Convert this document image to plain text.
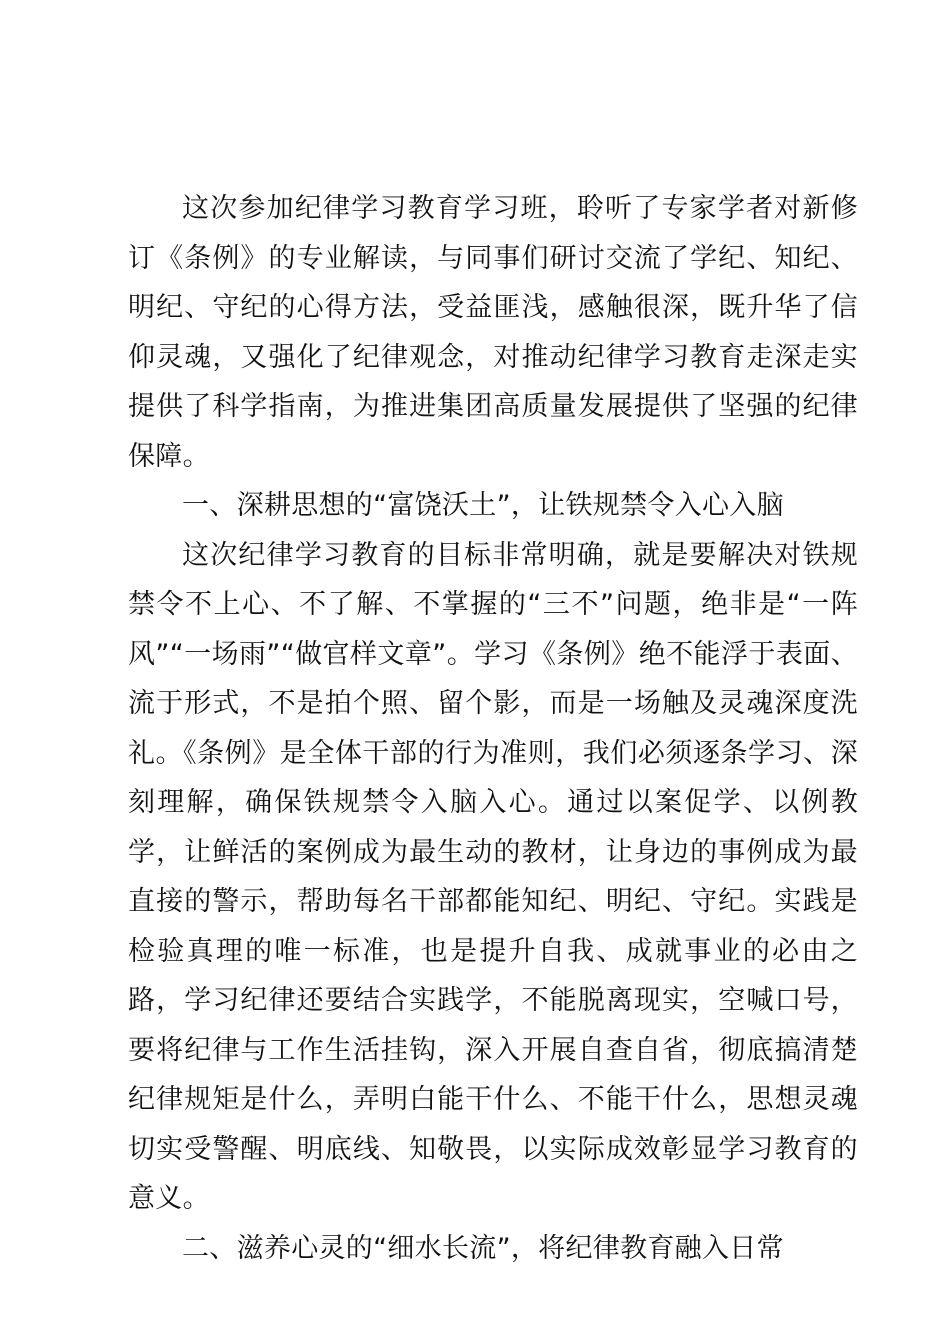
这次参加纪律学习教育学习班，聆听了专家学者对新修订《条例》的专业解读，与同事们研讨交流了学纪、知纪、明纪、守纪的心得方法，受益匪浅，感触很深，既升华了信仰灵魂，又强化了纪律观念，对推动纪律学习教育走深走实提供了科学指南，为推进集团高质量发展提供了坚强的纪律保障。

一、深耕思想的“富饶沃土”，让铁规禁令入心入脑

这次纪律学习教育的目标非常明确，就是要解决对铁规禁令不上心、不了解、不掌握的“三不”问题，绝非是“一阵风”“一场雨”“做官样文章”。学习《条例》绝不能浮于表面、流于形式，不是拍个照、留个影，而是一场触及灵魂深度洗礼。《条例》是全体干部的行为准则，我们必须逐条学习、深刻理解，确保铁规禁令入脑入心。通过以案促学、以例教学，让鲜活的案例成为最生动的教材，让身边的事例成为最直接的警示，帮助每名干部都能知纪、明纪、守纪。实践是检验真理的唯一标准，也是提升自我、成就事业的必由之路，学习纪律还要结合实践学，不能脱离现实，空喊口号，要将纪律与工作生活挂钩，深入开展自查自省，彻底搞清楚纪律规矩是什么，弄明白能干什么、不能干什么，思想灵魂切实受警醒、明底线、知敬畏，以实际成效彰显学习教育的意义。

二、滋养心灵的“细水长流”，将纪律教育融入日常
